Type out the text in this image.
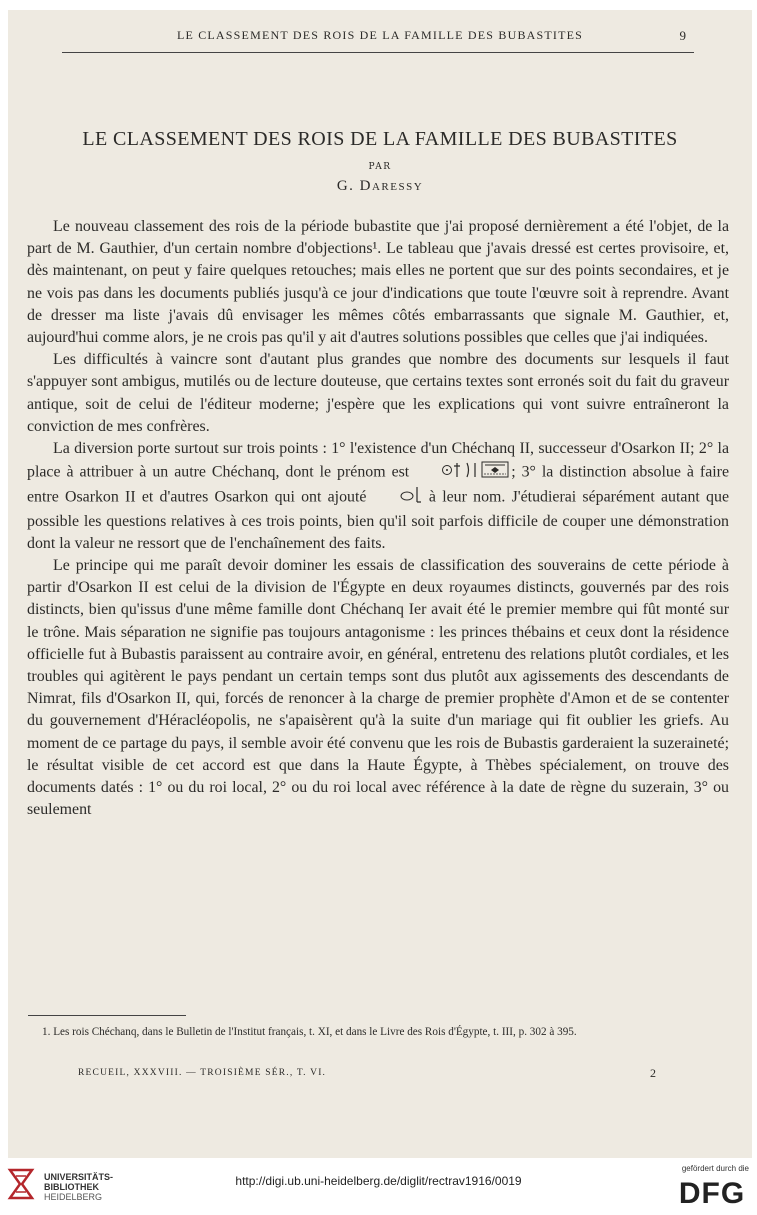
LE CLASSEMENT DES ROIS DE LA FAMILLE DES BUBASTITES	9
LE CLASSEMENT DES ROIS DE LA FAMILLE DES BUBASTITES
PAR
G. Daressy

Le nouveau classement des rois de la période bubastite que j'ai proposé dernièrement a été l'objet, de la part de M. Gauthier, d'un certain nombre d'objections¹. Le tableau que j'avais dressé est certes provisoire, et, dès maintenant, on peut y faire quelques retouches; mais elles ne portent que sur des points secondaires, et je ne vois pas dans les documents publiés jusqu'à ce jour d'indications que toute l'œuvre soit à reprendre. Avant de dresser ma liste j'avais dû envisager les mêmes côtés embarrassants que signale M. Gauthier, et, aujourd'hui comme alors, je ne crois pas qu'il y ait d'autres solutions possibles que celles que j'ai indiquées.

Les difficultés à vaincre sont d'autant plus grandes que nombre des documents sur lesquels il faut s'appuyer sont ambigus, mutilés ou de lecture douteuse, que certains textes sont erronés soit du fait du graveur antique, soit de celui de l'éditeur moderne; j'espère que les explications qui vont suivre entraîneront la conviction de mes confrères.

La diversion porte surtout sur trois points : 1° l'existence d'un Chéchanq II, successeur d'Osarkon II; 2° la place à attribuer à un autre Chéchanq, dont le prénom est	; 3° la distinction absolue à faire entre Osarkon II et d'autres Osarkon qui ont ajouté	à leur nom. J'étudierai séparément autant que possible les questions relatives à ces trois points, bien qu'il soit parfois difficile de couper une démonstration dont la valeur ne ressort que de l'enchaînement des faits.

Le principe qui me paraît devoir dominer les essais de classification des souverains de cette période à partir d'Osarkon II est celui de la division de l'Égypte en deux royaumes distincts, gouvernés par des rois distincts, bien qu'issus d'une même famille dont Chéchanq Ier avait été le premier membre qui fût monté sur le trône. Mais séparation ne signifie pas toujours antagonisme : les princes thébains et ceux dont la résidence officielle fut à Bubastis paraissent au contraire avoir, en général, entretenu des relations plutôt cordiales, et les troubles qui agitèrent le pays pendant un certain temps sont dus plutôt aux agissements des descendants de Nimrat, fils d'Osarkon II, qui, forcés de renoncer à la charge de premier prophète d'Amon et de se contenter du gouvernement d'Héracléopolis, ne s'apaisèrent qu'à la suite d'un mariage qui fit oublier les griefs. Au moment de ce partage du pays, il semble avoir été convenu que les rois de Bubastis garderaient la suzeraineté; le résultat visible de cet accord est que dans la Haute Égypte, à Thèbes spécialement, on trouve des documents datés : 1° ou du roi local, 2° ou du roi local avec référence à la date de règne du suzerain, 3° ou seulement

1. Les rois Chéchanq, dans le Bulletin de l'Institut français, t. XI, et dans le Livre des Rois d'Égypte, t. III, p. 302 à 395.

RECUEIL, XXXVIII. — TROISIÈME SÉR., T. VI.	2
UNIVERSITÄTS-
BIBLIOTHEK
HEIDELBERG
http://digi.ub.uni-heidelberg.de/diglit/rectrav1916/0019
gefördert durch die
DFG
